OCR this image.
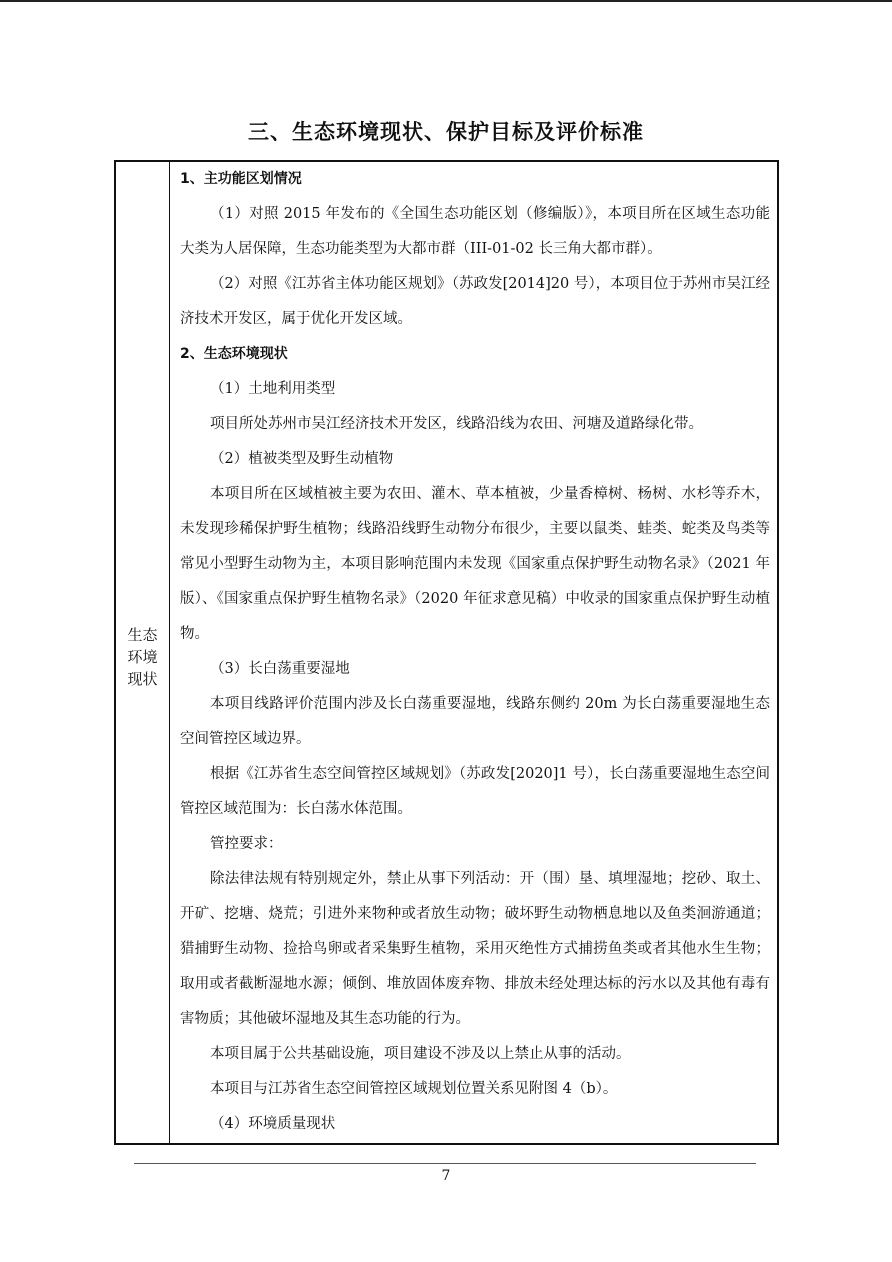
三、生态环境现状、保护目标及评价标准
生态
环境
现状

1、主功能区划情况

（1）对照 2015 年发布的《全国生态功能区划（修编版）》，本项目所在区域生态功能大类为人居保障，生态功能类型为大都市群（III-01-02 长三角大都市群）。

（2）对照《江苏省主体功能区规划》（苏政发[2014]20 号），本项目位于苏州市吴江经济技术开发区，属于优化开发区域。

2、生态环境现状

（1）土地利用类型

项目所处苏州市吴江经济技术开发区，线路沿线为农田、河塘及道路绿化带。

（2）植被类型及野生动植物

本项目所在区域植被主要为农田、灌木、草本植被，少量香樟树、杨树、水杉等乔木，未发现珍稀保护野生植物；线路沿线野生动物分布很少，主要以鼠类、蛙类、蛇类及鸟类等常见小型野生动物为主，本项目影响范围内未发现《国家重点保护野生动物名录》（2021 年版）、《国家重点保护野生植物名录》（2020 年征求意见稿）中收录的国家重点保护野生动植物。

（3）长白荡重要湿地

本项目线路评价范围内涉及长白荡重要湿地，线路东侧约 20m 为长白荡重要湿地生态空间管控区域边界。

根据《江苏省生态空间管控区域规划》（苏政发[2020]1 号），长白荡重要湿地生态空间管控区域范围为：长白荡水体范围。

管控要求：

除法律法规有特别规定外，禁止从事下列活动：开（围）垦、填埋湿地；挖砂、取土、开矿、挖塘、烧荒；引进外来物种或者放生动物；破坏野生动物栖息地以及鱼类洄游通道；猎捕野生动物、捡拾鸟卵或者采集野生植物，采用灭绝性方式捕捞鱼类或者其他水生生物；取用或者截断湿地水源；倾倒、堆放固体废弃物、排放未经处理达标的污水以及其他有毒有害物质；其他破坏湿地及其生态功能的行为。

本项目属于公共基础设施，项目建设不涉及以上禁止从事的活动。

本项目与江苏省生态空间管控区域规划位置关系见附图 4（b）。

（4）环境质量现状

7
